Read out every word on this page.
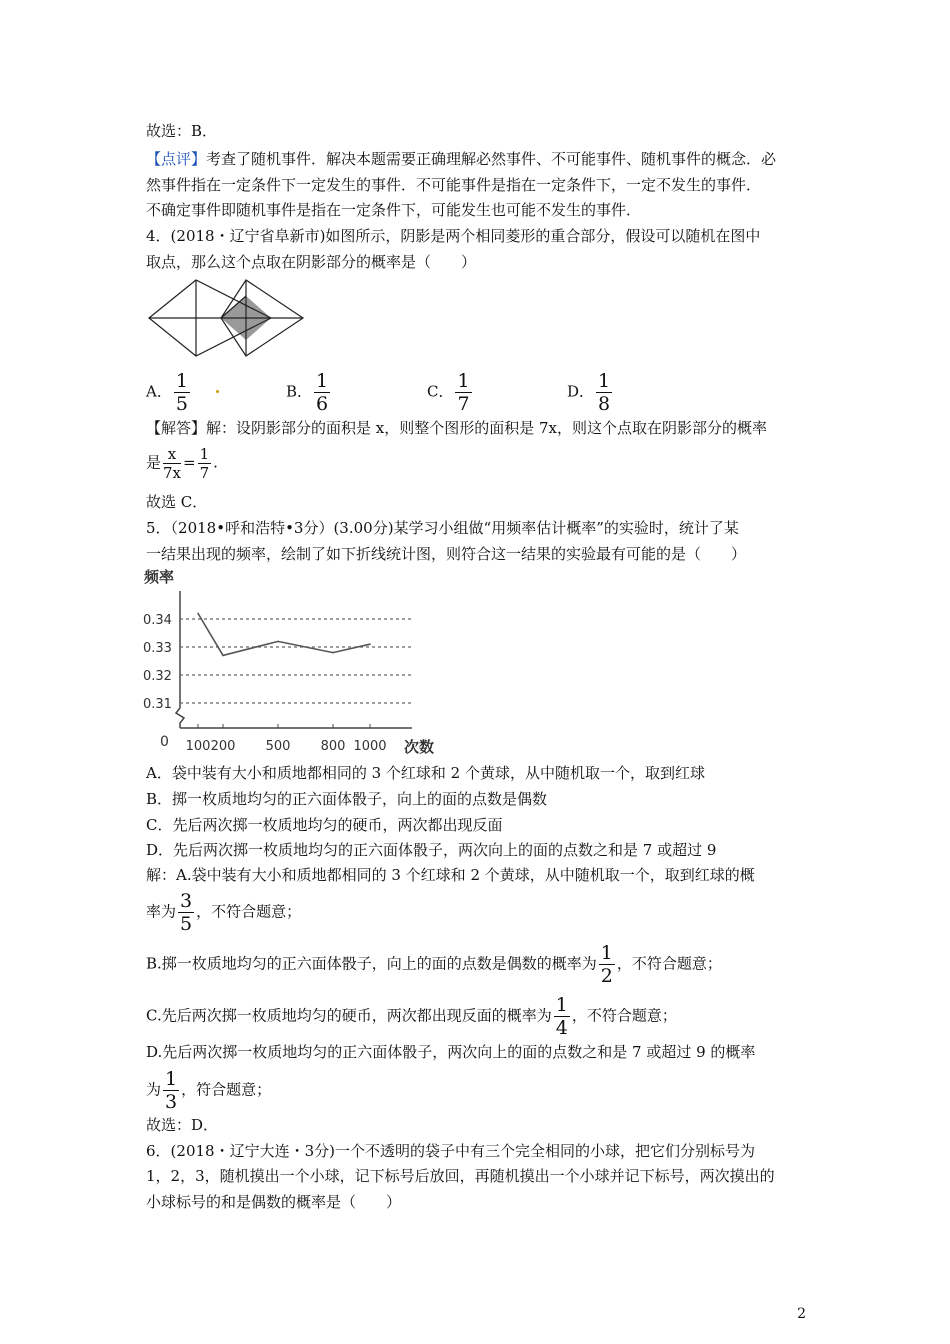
故选：B．
【点评】考查了随机事件．解决本题需要正确理解必然事件、不可能事件、随机事件的概念．必
然事件指在一定条件下一定发生的事件．不可能事件是指在一定条件下，一定不发生的事件．
不确定事件即随机事件是指在一定条件下，可能发生也可能不发生的事件．
4．(2018・辽宁省阜新市)如图所示，阴影是两个相同菱形的重合部分，假设可以随机在图中
取点，那么这个点取在阴影部分的概率是（　　）
A． $\frac{1}{5}$	B． $\frac{1}{6}$	C． $\frac{1}{7}$	D． $\frac{1}{8}$
【解答】解：设阴影部分的面积是 x，则整个图形的面积是 7x，则这个点取在阴影部分的概率
是 $\frac{x}{7x} = \frac{1}{7}$ .
故选 C．
5．（2018•呼和浩特•3分）(3.00分)某学习小组做“用频率估计概率”的实验时，统计了某
一结果出现的频率，绘制了如下折线统计图，则符合这一结果的实验最有可能的是（　　）
频率
次数
0
0.31
0.32
0.33
0.34
100 200 500 800 1000
A．袋中装有大小和质地都相同的 3 个红球和 2 个黄球，从中随机取一个，取到红球
B．掷一枚质地均匀的正六面体骰子，向上的面的点数是偶数
C．先后两次掷一枚质地均匀的硬币，两次都出现反面
D．先后两次掷一枚质地均匀的正六面体骰子，两次向上的面的点数之和是 7 或超过 9
解：A.袋中装有大小和质地都相同的 3 个红球和 2 个黄球，从中随机取一个，取到红球的概
率为 $\frac{3}{5}$ ，不符合题意；
B.掷一枚质地均匀的正六面体骰子，向上的面的点数是偶数的概率为 $\frac{1}{2}$ ，不符合题意；
C.先后两次掷一枚质地均匀的硬币，两次都出现反面的概率为 $\frac{1}{4}$ ，不符合题意；
D.先后两次掷一枚质地均匀的正六面体骰子，两次向上的面的点数之和是 7 或超过 9 的概率
为 $\frac{1}{3}$ ，符合题意；
故选：D．
6．(2018・辽宁大连・3分)一个不透明的袋子中有三个完全相同的小球，把它们分别标号为
1，2，3，随机摸出一个小球，记下标号后放回，再随机摸出一个小球并记下标号，两次摸出的
小球标号的和是偶数的概率是（　　）
2
